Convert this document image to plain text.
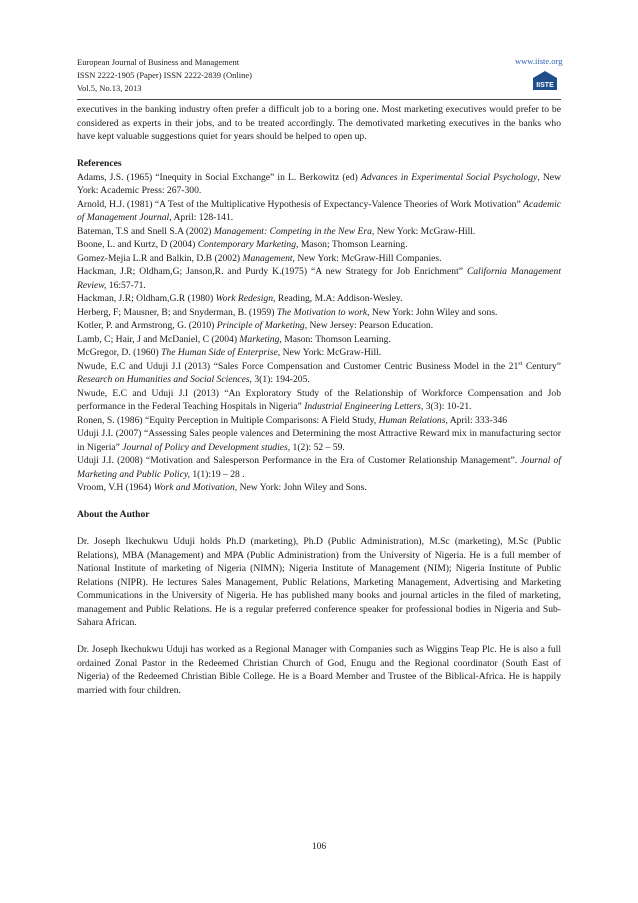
European Journal of Business and Management
ISSN 2222-1905 (Paper) ISSN 2222-2839 (Online)
Vol.5, No.13, 2013
www.iiste.org
IISTE

executives in the banking industry often prefer a difficult job to a boring one. Most marketing executives would prefer to be considered as experts in their jobs, and to be treated accordingly. The demotivated marketing executives in the banks who have kept valuable suggestions quiet for years should be helped to open up.

References

Adams, J.S. (1965) “Inequity in Social Exchange” in L. Berkowitz (ed) Advances in Experimental Social Psychology, New York: Academic Press: 267-300.

Arnold, H.J. (1981) “A Test of the Multiplicative Hypothesis of Expectancy-Valence Theories of Work Motivation” Academic of Management Journal, April: 128-141.

Bateman, T.S and Snell S.A (2002) Management: Competing in the New Era, New York: McGraw-Hill.

Boone, L. and Kurtz, D (2004) Contemporary Marketing, Mason; Thomson Learning.

Gomez-Mejia L.R and Balkin, D.B (2002) Management, New York: McGraw-Hill Companies.

Hackman, J.R; Oldham,G; Janson,R. and Purdy K.(1975) “A new Strategy for Job Enrichment” California Management Review, 16:57-71.

Hackman, J.R; Oldham,G.R (1980) Work Redesign, Reading, M.A: Addison-Wesley.

Herberg, F; Mausner, B; and Snyderman, B. (1959) The Motivation to work, New York: John Wiley and sons.

Kotler, P. and Armstrong, G. (2010) Principle of Marketing, New Jersey: Pearson Education.

Lamb, C; Hair, J and McDaniel, C (2004) Marketing, Mason: Thomson Learning.

McGregor, D. (1960) The Human Side of Enterprise, New York: McGraw-Hill.

Nwude, E.C and Uduji J.I (2013) “Sales Force Compensation and Customer Centric Business Model in the 21st Century” Research on Humanities and Social Sciences, 3(1): 194-205.

Nwude, E.C and Uduji J.I (2013) “An Exploratory Study of the Relationship of Workforce Compensation and Job performance in the Federal Teaching Hospitals in Nigeria” Industrial Engineering Letters, 3(3): 10-21.

Ronen, S. (1986) “Equity Perception in Multiple Comparisons: A Field Study, Human Relations, April: 333-346

Uduji J.I. (2007) “Assessing Sales people valences and Determining the most Attractive Reward mix in manufacturing sector in Nigeria” Journal of Policy and Development studies, 1(2): 52 – 59.

Uduji J.I. (2008) “Motivation and Salesperson Performance in the Era of Customer Relationship Management”. Journal of Marketing and Public Policy, 1(1):19 – 28 .

Vroom, V.H (1964) Work and Motivation, New York: John Wiley and Sons.

About the Author

Dr. Joseph Ikechukwu Uduji holds Ph.D (marketing), Ph.D (Public Administration), M.Sc (marketing), M.Sc (Public Relations), MBA (Management) and MPA (Public Administration) from the University of Nigeria. He is a full member of National Institute of marketing of Nigeria (NIMN); Nigeria Institute of Management (NIM); Nigeria Institute of Public Relations (NIPR). He lectures Sales Management, Public Relations, Marketing Management, Advertising and Marketing Communications in the University of Nigeria. He has published many books and journal articles in the filed of marketing, management and Public Relations. He is a regular preferred conference speaker for professional bodies in Nigeria and Sub-Sahara African.

Dr. Joseph Ikechukwu Uduji has worked as a Regional Manager with Companies such as Wiggins Teap Plc. He is also a full ordained Zonal Pastor in the Redeemed Christian Church of God, Enugu and the Regional coordinator (South East of Nigeria) of the Redeemed Christian Bible College. He is a Board Member and Trustee of the Biblical-Africa. He is happily married with four children.

106
